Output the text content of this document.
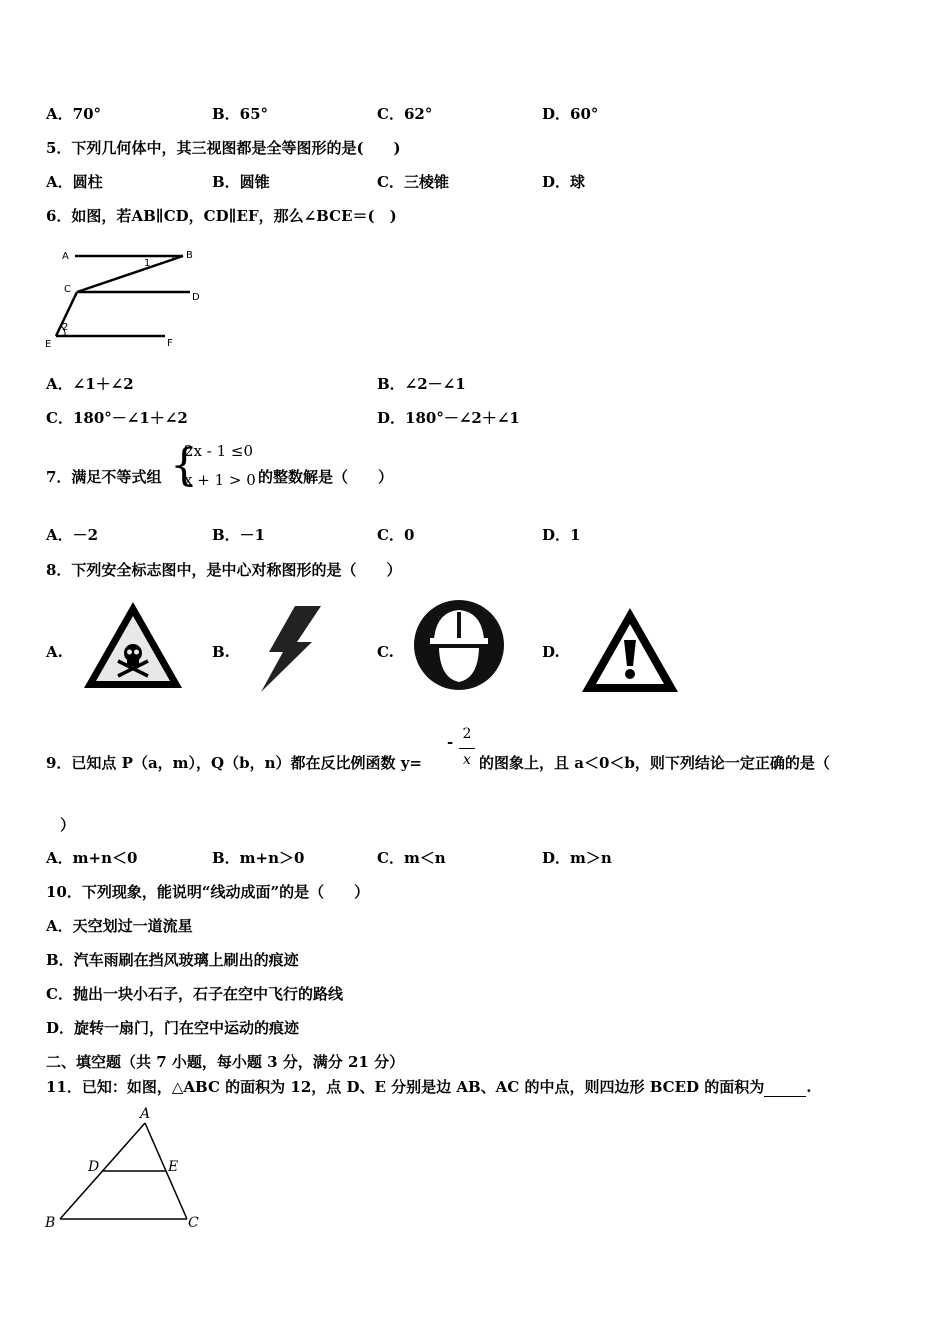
A．70°	B．65°	C．62°	D．60°
5．下列几何体中，其三视图都是全等图形的是(　　)
A．圆柱	B．圆锥	C．三棱锥	D．球
6．如图，若AB∥CD，CD∥EF，那么∠BCE＝(　)
A	B
1
C
D
2
E	F
A．∠1＋∠2	B．∠2－∠1
C．180°－∠1＋∠2	D．180°－∠2＋∠1
7．满足不等式组 {
2x - 1 ≤0
x + 1 > 0 的整数解是（　　）
A．－2	B．－1	C．0	D．1
8．下列安全标志图中，是中心对称图形的是（　　）
A.	B.	C.	D.
9．已知点 P（a，m），Q（b，n）都在反比例函数 y=
- 2
x 的图象上，且 a＜0＜b，则下列结论一定正确的是（
）
A．m+n＜0	B．m+n＞0	C．m＜n	D．m＞n
10．下列现象，能说明“线动成面”的是（　　）
A．天空划过一道流星
B．汽车雨刷在挡风玻璃上刷出的痕迹
C．抛出一块小石子，石子在空中飞行的路线
D．旋转一扇门，门在空中运动的痕迹
二、填空题（共 7 小题，每小题 3 分，满分 21 分）
11．已知：如图，△ABC 的面积为 12，点 D、E 分别是边 AB、AC 的中点，则四边形 BCED 的面积为	.
A
D	E
B	C
